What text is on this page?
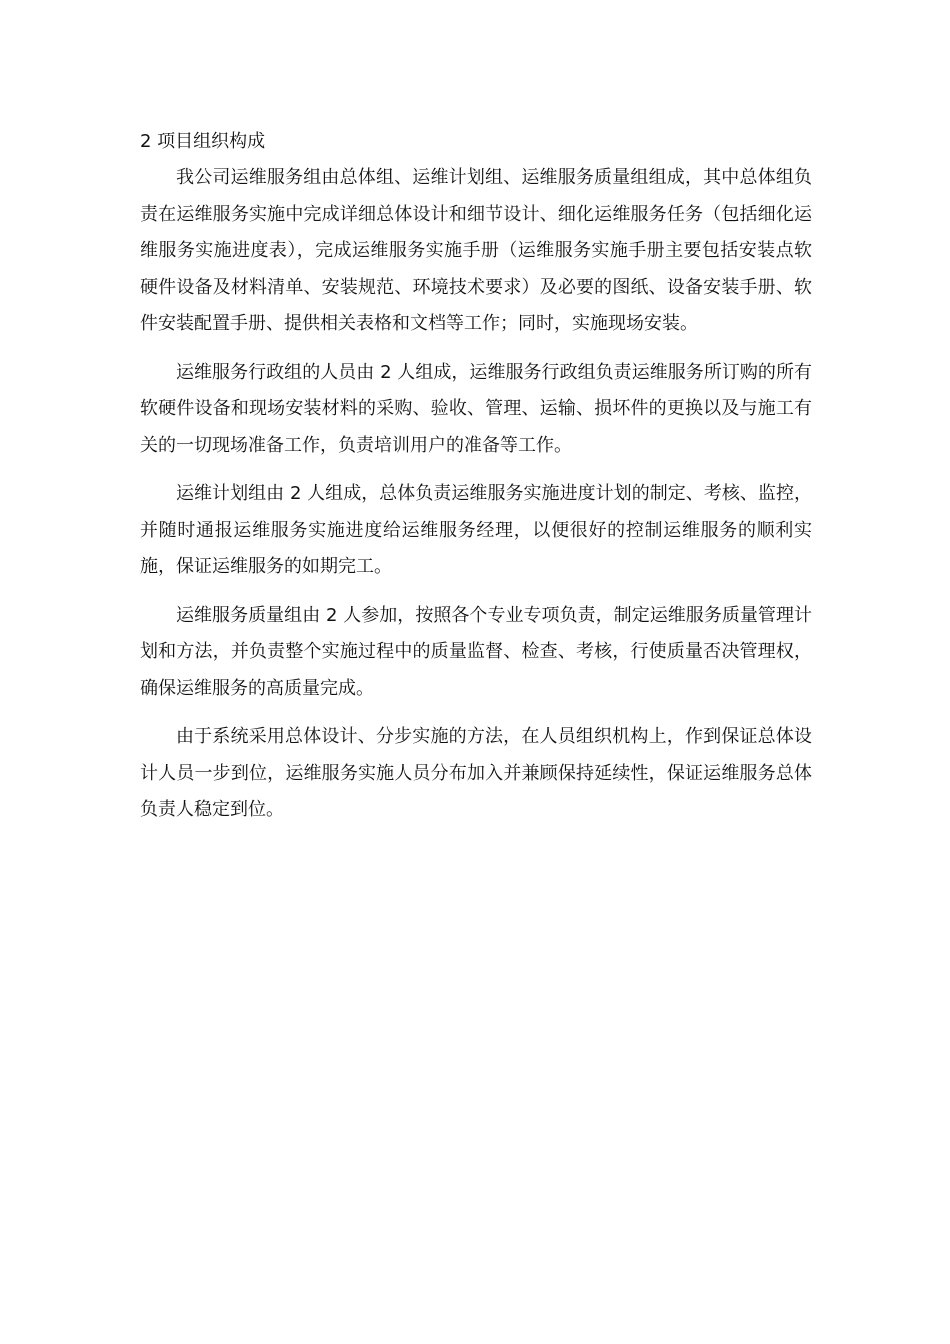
2 项目组织构成

我公司运维服务组由总体组、运维计划组、运维服务质量组组成，其中总体组负责在运维服务实施中完成详细总体设计和细节设计、细化运维服务任务（包括细化运维服务实施进度表），完成运维服务实施手册（运维服务实施手册主要包括安装点软硬件设备及材料清单、安装规范、环境技术要求）及必要的图纸、设备安装手册、软件安装配置手册、提供相关表格和文档等工作；同时，实施现场安装。

运维服务行政组的人员由 2 人组成，运维服务行政组负责运维服务所订购的所有软硬件设备和现场安装材料的采购、验收、管理、运输、损坏件的更换以及与施工有关的一切现场准备工作，负责培训用户的准备等工作。

运维计划组由 2 人组成，总体负责运维服务实施进度计划的制定、考核、监控，并随时通报运维服务实施进度给运维服务经理，以便很好的控制运维服务的顺利实施，保证运维服务的如期完工。

运维服务质量组由 2 人参加，按照各个专业专项负责，制定运维服务质量管理计划和方法，并负责整个实施过程中的质量监督、检查、考核，行使质量否决管理权，确保运维服务的高质量完成。

由于系统采用总体设计、分步实施的方法，在人员组织机构上，作到保证总体设计人员一步到位，运维服务实施人员分布加入并兼顾保持延续性，保证运维服务总体负责人稳定到位。
